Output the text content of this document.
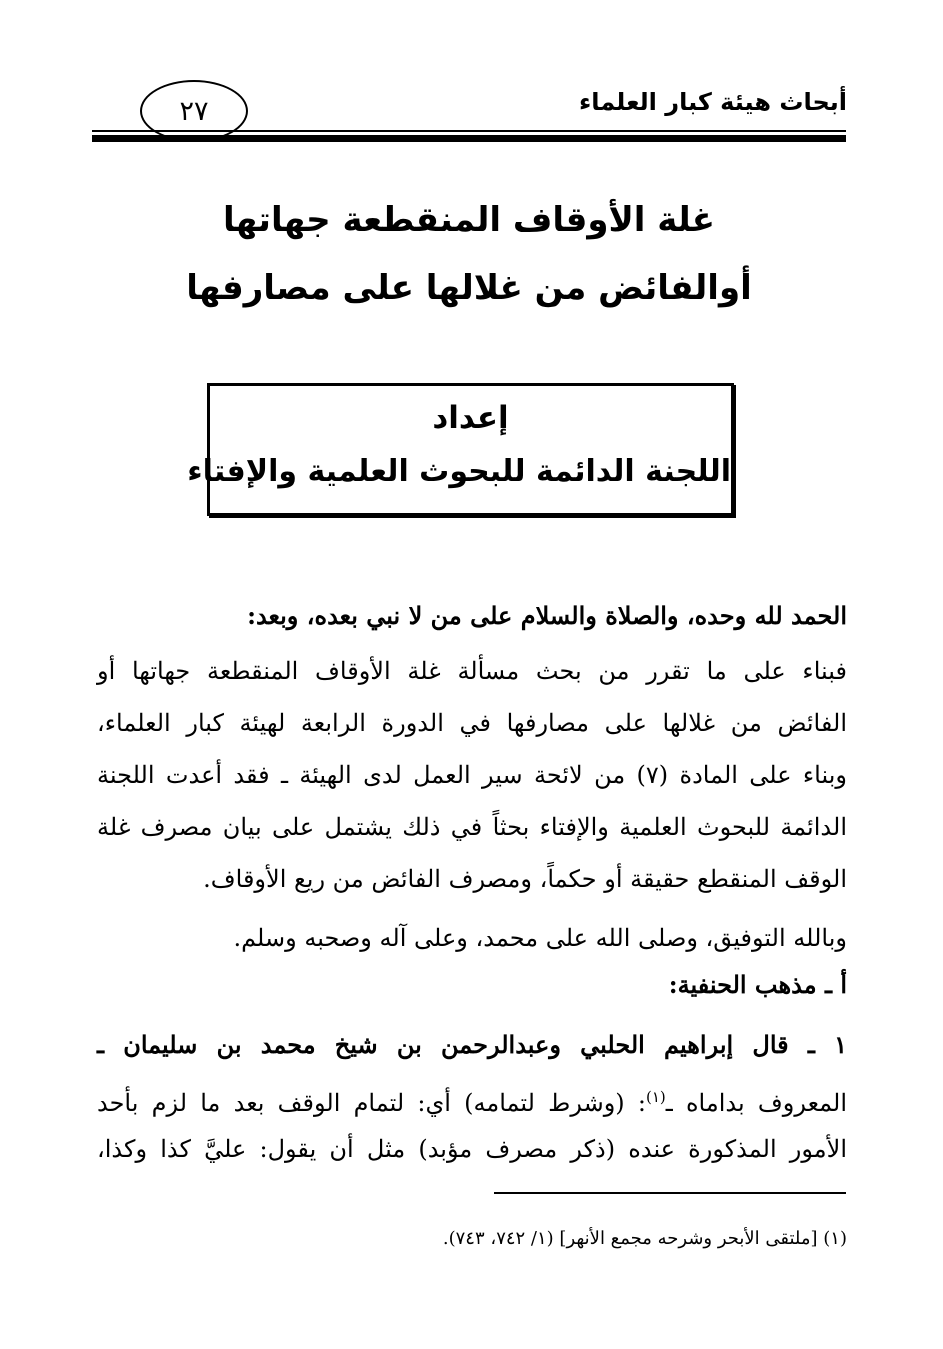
أبحاث هيئة كبار العلماء
٢٧
غلة الأوقاف المنقطعة جهاتها
أوالفائض من غلالها على مصارفها
إعداد
اللجنة الدائمة للبحوث العلمية والإفتاء
الحمد لله وحده، والصلاة والسلام على من لا نبي بعده، وبعد:
فبناء على ما تقرر من بحث مسألة غلة الأوقاف المنقطعة جهاتها أو
الفائض من غلالها على مصارفها في الدورة الرابعة لهيئة كبار العلماء،
وبناء على المادة (٧) من لائحة سير العمل لدى الهيئة ـ فقد أعدت اللجنة
الدائمة للبحوث العلمية والإفتاء بحثاً في ذلك يشتمل على بيان مصرف غلة
الوقف المنقطع حقيقة أو حكماً، ومصرف الفائض من ريع الأوقاف.
وبالله التوفيق، وصلى الله على محمد، وعلى آله وصحبه وسلم.
أ ـ مذهب الحنفية:
١ ـ قال إبراهيم الحلبي وعبدالرحمن بن شيخ محمد بن سليمان ـ
المعروف بداماه ـ$^{(١)}$: (وشرط لتمامه) أي: لتمام الوقف بعد ما لزم بأحد
الأمور المذكورة عنده (ذكر مصرف مؤبد) مثل أن يقول: عليَّ كذا وكذا،
(١) [ملتقى الأبحر وشرحه مجمع الأنهر] (١/ ٧٤٢، ٧٤٣).
